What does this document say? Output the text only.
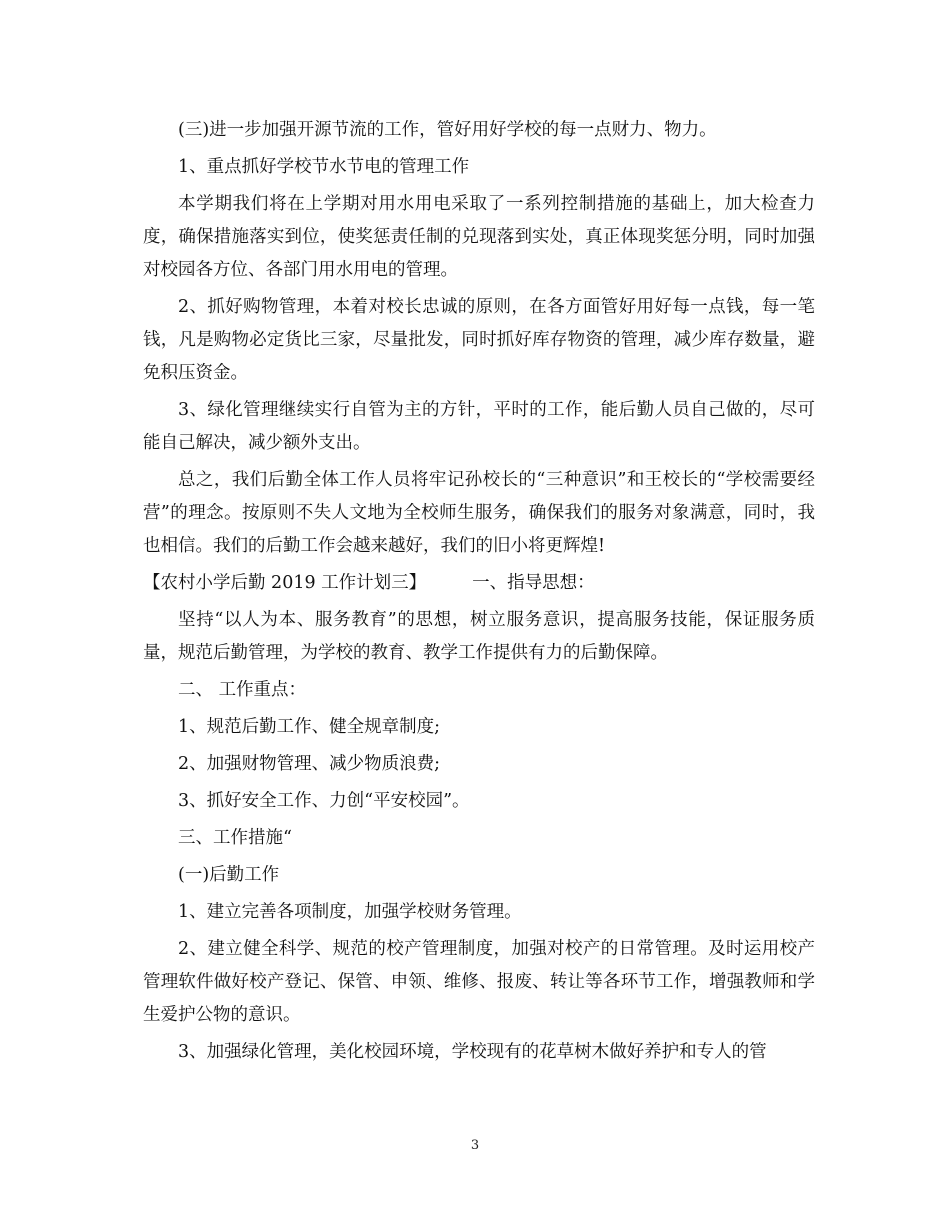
(三)进一步加强开源节流的工作，管好用好学校的每一点财力、物力。

1、重点抓好学校节水节电的管理工作

本学期我们将在上学期对用水用电采取了一系列控制措施的基础上，加大检查力度，确保措施落实到位，使奖惩责任制的兑现落到实处，真正体现奖惩分明，同时加强对校园各方位、各部门用水用电的管理。

2、抓好购物管理，本着对校长忠诚的原则，在各方面管好用好每一点钱，每一笔钱，凡是购物必定货比三家，尽量批发，同时抓好库存物资的管理，减少库存数量，避免积压资金。

3、绿化管理继续实行自管为主的方针，平时的工作，能后勤人员自己做的，尽可能自己解决，减少额外支出。

总之，我们后勤全体工作人员将牢记孙校长的“三种意识”和王校长的“学校需要经营”的理念。按原则不失人文地为全校师生服务，确保我们的服务对象满意，同时，我也相信。我们的后勤工作会越来越好，我们的旧小将更辉煌!

【农村小学后勤 2019 工作计划三】	一、指导思想：

坚持“以人为本、服务教育”的思想，树立服务意识，提高服务技能，保证服务质量，规范后勤管理，为学校的教育、教学工作提供有力的后勤保障。

二、 工作重点：

1、规范后勤工作、健全规章制度;

2、加强财物管理、减少物质浪费;

3、抓好安全工作、力创“平安校园”。

三、工作措施“

(一)后勤工作

1、建立完善各项制度，加强学校财务管理。

2、建立健全科学、规范的校产管理制度，加强对校产的日常管理。及时运用校产管理软件做好校产登记、保管、申领、维修、报废、转让等各环节工作，增强教师和学生爱护公物的意识。

3、加强绿化管理，美化校园环境，学校现有的花草树木做好养护和专人的管

3
